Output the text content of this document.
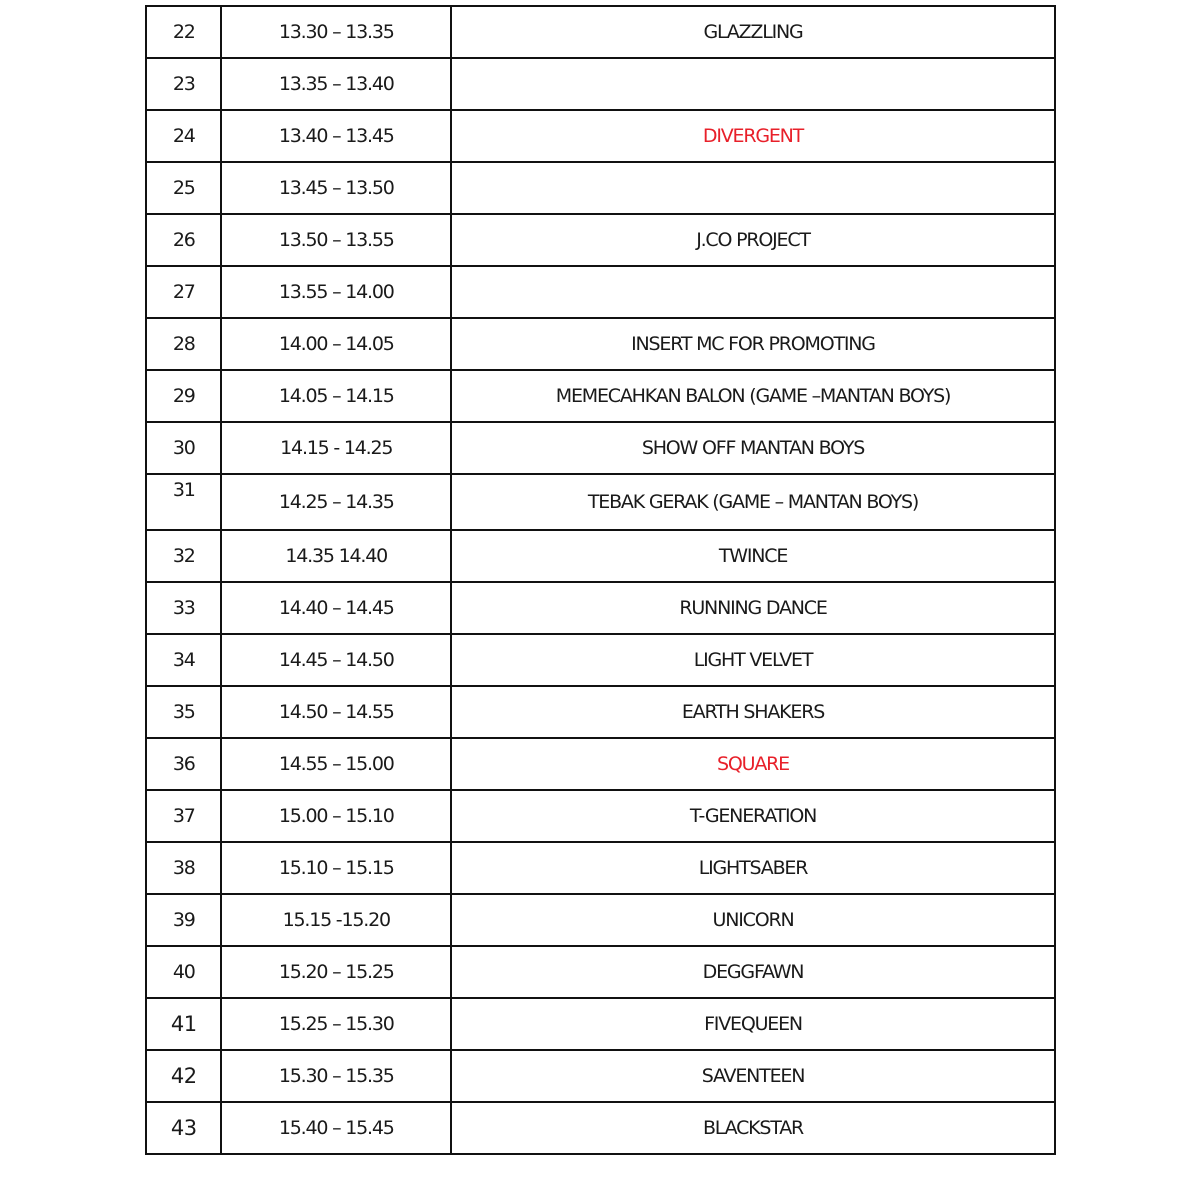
22	13.30 – 13.35	GLAZZLING
23	13.35 – 13.40	
24	13.40 – 13.45	DIVERGENT
25	13.45 – 13.50	
26	13.50 – 13.55	J.CO PROJECT
27	13.55 – 14.00	
28	14.00 – 14.05	INSERT MC FOR PROMOTING
29	14.05 – 14.15	MEMECAHKAN BALON (GAME –MANTAN BOYS)
30	14.15 - 14.25	SHOW OFF MANTAN BOYS
31	14.25 – 14.35	TEBAK GERAK (GAME – MANTAN BOYS)
32	14.35 14.40	TWINCE
33	14.40 – 14.45	RUNNING DANCE
34	14.45 – 14.50	LIGHT VELVET
35	14.50 – 14.55	EARTH SHAKERS
36	14.55 – 15.00	SQUARE
37	15.00 – 15.10	T-GENERATION
38	15.10 – 15.15	LIGHTSABER
39	15.15 -15.20	UNICORN
40	15.20 – 15.25	DEGGFAWN
41	15.25 – 15.30	FIVEQUEEN
42	15.30 – 15.35	SAVENTEEN
43	15.40 – 15.45	BLACKSTAR
